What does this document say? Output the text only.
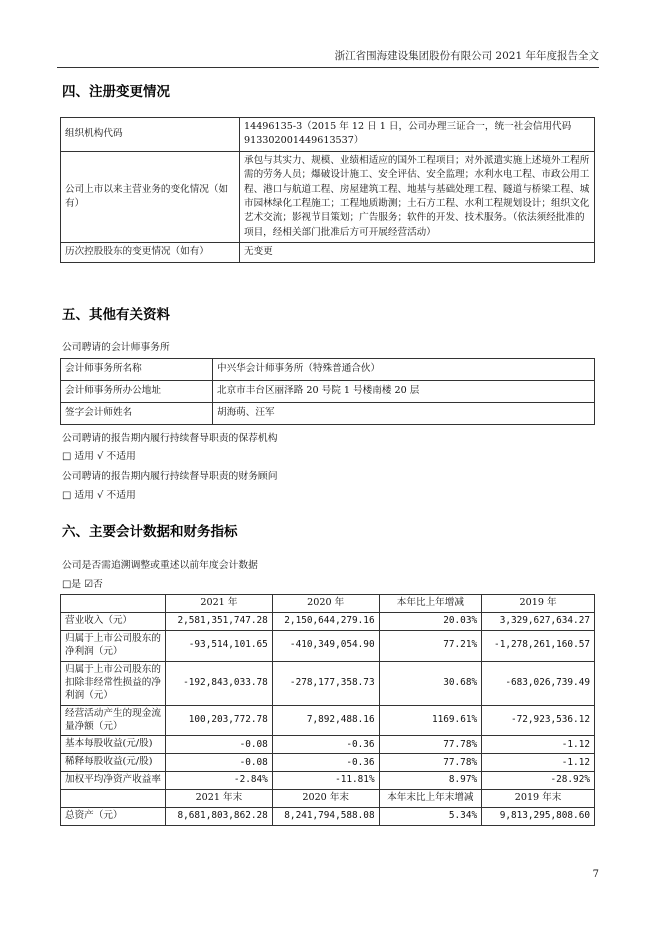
浙江省围海建设集团股份有限公司 2021 年年度报告全文
四、注册变更情况
组织机构代码	14496135-3（2015 年 12 日 1 日，公司办理三证合一，统一社会信用代码 913302001449613537）
公司上市以来主营业务的变化情况（如有）	承包与其实力、规模、业绩相适应的国外工程项目；对外派遣实施上述境外工程所需的劳务人员；爆破设计施工、安全评估、安全监理；水利水电工程、市政公用工程、港口与航道工程、房屋建筑工程、地基与基础处理工程、隧道与桥梁工程、城市园林绿化工程施工；工程地质勘测；土石方工程、水利工程规划设计；组织文化艺术交流；影视节目策划；广告服务；软件的开发、技术服务。（依法须经批准的项目，经相关部门批准后方可开展经营活动）
历次控股股东的变更情况（如有）	无变更
五、其他有关资料
公司聘请的会计师事务所
会计师事务所名称	中兴华会计师事务所（特殊普通合伙）
会计师事务所办公地址	北京市丰台区丽泽路 20 号院 1 号楼南楼 20 层
签字会计师姓名	胡海萌、汪军
公司聘请的报告期内履行持续督导职责的保荐机构
□ 适用 √ 不适用
公司聘请的报告期内履行持续督导职责的财务顾问
□ 适用 √ 不适用
六、主要会计数据和财务指标
公司是否需追溯调整或重述以前年度会计数据
□是 ☑否
	2021 年	2020 年	本年比上年增减	2019 年
营业收入（元）	2,581,351,747.28	2,150,644,279.16	20.03%	3,329,627,634.27
归属于上市公司股东的净利润（元）	-93,514,101.65	-410,349,054.90	77.21%	-1,278,261,160.57
归属于上市公司股东的扣除非经常性损益的净利润（元）	-192,843,033.78	-278,177,358.73	30.68%	-683,026,739.49
经营活动产生的现金流量净额（元）	100,203,772.78	7,892,488.16	1169.61%	-72,923,536.12
基本每股收益(元/股)	-0.08	-0.36	77.78%	-1.12
稀释每股收益(元/股)	-0.08	-0.36	77.78%	-1.12
加权平均净资产收益率	-2.84%	-11.81%	8.97%	-28.92%
	2021 年末	2020 年末	本年末比上年末增减	2019 年末
总资产（元）	8,681,803,862.28	8,241,794,588.08	5.34%	9,813,295,808.60
7
